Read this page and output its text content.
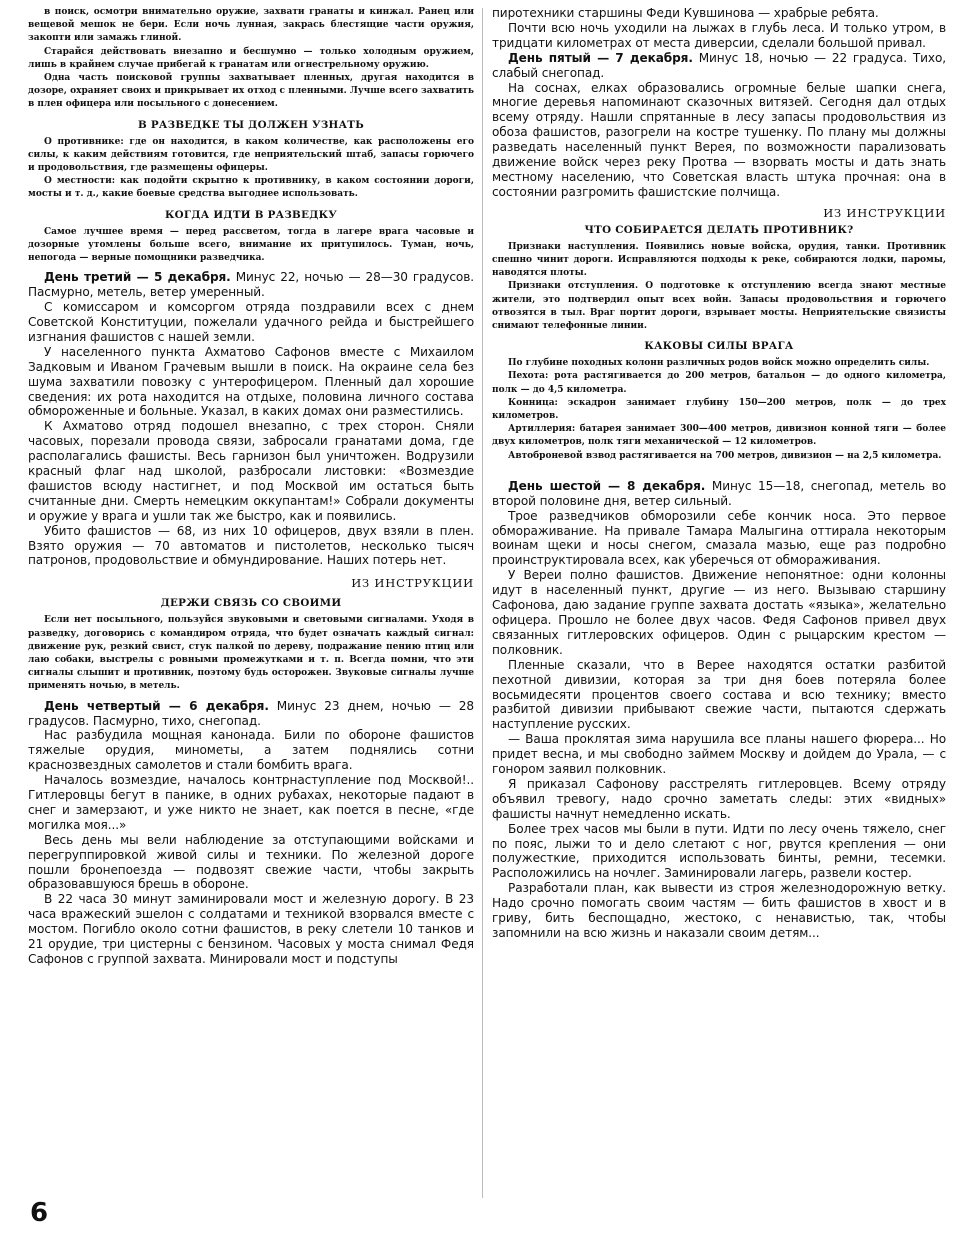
в поиск, осмотри внимательно оружие, захвати гранаты и кинжал. Ранец или вещевой мешок не бери. Если ночь лунная, закрась блестящие части оружия, закопти или замажь глиной.

Старайся действовать внезапно и бесшумно — только холодным оружием, лишь в крайнем случае прибегай к гранатам или огнестрельному оружию.

Одна часть поисковой группы захватывает пленных, другая находится в дозоре, охраняет своих и прикрывает их отход с пленными. Лучше всего захватить в плен офицера или посыльного с донесением.

В РАЗВЕДКЕ ТЫ ДОЛЖЕН УЗНАТЬ

О противнике: где он находится, в каком количестве, как расположены его силы, к каким действиям готовится, где неприятельский штаб, запасы горючего и продовольствия, где размещены офицеры.

О местности: как подойти скрытно к противнику, в каком состоянии дороги, мосты и т. д., какие боевые средства выгоднее использовать.

КОГДА ИДТИ В РАЗВЕДКУ

Самое лучшее время — перед рассветом, тогда в лагере врага часовые и дозорные утомлены больше всего, внимание их притупилось. Туман, ночь, непогода — верные помощники разведчика.

День третий — 5 декабря. Минус 22, ночью — 28—30 градусов. Пасмурно, метель, ветер умеренный.

С комиссаром и комсоргом отряда поздравили всех с днем Советской Конституции, пожелали удачного рейда и быстрейшего изгнания фашистов с нашей земли.

У населенного пункта Ахматово Сафонов вместе с Михаилом Задковым и Иваном Грачевым вышли в поиск. На окраине села без шума захватили повозку с унтерофицером. Пленный дал хорошие сведения: их рота находится на отдыхе, половина личного состава обмороженные и больные. Указал, в каких домах они разместились.

К Ахматово отряд подошел внезапно, с трех сторон. Сняли часовых, порезали провода связи, забросали гранатами дома, где располагались фашисты. Весь гарнизон был уничтожен. Водрузили красный флаг над школой, разбросали листовки: «Возмездие фашистов всюду настигнет, и под Москвой им остаться быть считанные дни. Смерть немецким оккупантам!» Собрали документы и оружие у врага и ушли так же быстро, как и появились.

Убито фашистов — 68, из них 10 офицеров, двух взяли в плен. Взято оружия — 70 автоматов и пистолетов, несколько тысяч патронов, продовольствие и обмундирование. Наших потерь нет.

ИЗ ИНСТРУКЦИИ
ДЕРЖИ СВЯЗЬ СО СВОИМИ

Если нет посыльного, пользуйся звуковыми и световыми сигналами. Уходя в разведку, договорись с командиром отряда, что будет означать каждый сигнал: движение рук, резкий свист, стук палкой по дереву, подражание пению птиц или лаю собаки, выстрелы с ровными промежутками и т. п. Всегда помни, что эти сигналы слышит и противник, поэтому будь осторожен. Звуковые сигналы лучше применять ночью, в метель.

День четвертый — 6 декабря. Минус 23 днем, ночью — 28 градусов. Пасмурно, тихо, снегопад.

Нас разбудила мощная канонада. Били по обороне фашистов тяжелые орудия, минометы, а затем поднялись сотни краснозвездных самолетов и стали бомбить врага.

Началось возмездие, началось контрнаступление под Москвой!.. Гитлеровцы бегут в панике, в одних рубахах, некоторые падают в снег и замерзают, и уже никто не знает, как поется в песне, «где могилка моя...»

Весь день мы вели наблюдение за отступающими войсками и перегруппировкой живой силы и техники. По железной дороге пошли бронепоезда — подвозят свежие части, чтобы закрыть образовавшуюся брешь в обороне.

В 22 часа 30 минут заминировали мост и железную дорогу. В 23 часа вражеский эшелон с солдатами и техникой взорвался вместе с мостом. Погибло около сотни фашистов, в реку слетели 10 танков и 21 орудие, три цистерны с бензином. Часовых у моста снимал Федя Сафонов с группой захвата. Минировали мост и подступы

пиротехники старшины Феди Кувшинова — храбрые ребята.

Почти всю ночь уходили на лыжах в глубь леса. И только утром, в тридцати километрах от места диверсии, сделали большой привал.

День пятый — 7 декабря. Минус 18, ночью — 22 градуса. Тихо, слабый снегопад.

На соснах, елках образовались огромные белые шапки снега, многие деревья напоминают сказочных витязей. Сегодня дал отдых всему отряду. Нашли спрятанные в лесу запасы продовольствия из обоза фашистов, разогрели на костре тушенку. По плану мы должны разведать населенный пункт Верея, по возможности парализовать движение войск через реку Протва — взорвать мосты и дать знать местному населению, что Советская власть штука прочная: она в состоянии разгромить фашистские полчища.

ИЗ ИНСТРУКЦИИ
ЧТО СОБИРАЕТСЯ ДЕЛАТЬ ПРОТИВНИК?

Признаки наступления. Появились новые войска, орудия, танки. Противник спешно чинит дороги. Исправляются подходы к реке, собираются лодки, паромы, наводятся плоты.

Признаки отступления. О подготовке к отступлению всегда знают местные жители, это подтвердил опыт всех войн. Запасы продовольствия и горючего отвозятся в тыл. Враг портит дороги, взрывает мосты. Неприятельские связисты снимают телефонные линии.

КАКОВЫ СИЛЫ ВРАГА

По глубине походных колонн различных родов войск можно определить силы.

Пехота: рота растягивается до 200 метров, батальон — до одного километра, полк — до 4,5 километра.

Конница: эскадрон занимает глубину 150—200 метров, полк — до трех километров.

Артиллерия: батарея занимает 300—400 метров, дивизион конной тяги — более двух километров, полк тяги механической — 12 километров.

Автоброневой взвод растягивается на 700 метров, дивизион — на 2,5 километра.

День шестой — 8 декабря. Минус 15—18, снегопад, метель во второй половине дня, ветер сильный.

Трое разведчиков обморозили себе кончик носа. Это первое обмораживание. На привале Тамара Малыгина оттирала некоторым воинам щеки и носы снегом, смазала мазью, еще раз подробно проинструктировала всех, как уберечься от обмораживания.

У Вереи полно фашистов. Движение непонятное: одни колонны идут в населенный пункт, другие — из него. Вызываю старшину Сафонова, даю задание группе захвата достать «языка», желательно офицера. Прошло не более двух часов. Федя Сафонов привел двух связанных гитлеровских офицеров. Один с рыцарским крестом — полковник.

Пленные сказали, что в Верее находятся остатки разбитой пехотной дивизии, которая за три дня боев потеряла более восьмидесяти процентов своего состава и всю технику; вместо разбитой дивизии прибывают свежие части, пытаются сдержать наступление русских.

— Ваша проклятая зима нарушила все планы нашего фюрера... Но придет весна, и мы свободно займем Москву и дойдем до Урала, — с гонором заявил полковник.

Я приказал Сафонову расстрелять гитлеровцев. Всему отряду объявил тревогу, надо срочно заметать следы: этих «видных» фашисты начнут немедленно искать.

Более трех часов мы были в пути. Идти по лесу очень тяжело, снег по пояс, лыжи то и дело слетают с ног, рвутся крепления — они полужесткие, приходится использовать бинты, ремни, тесемки. Расположились на ночлег. Заминировали лагерь, развели костер.

Разработали план, как вывести из строя железнодорожную ветку. Надо срочно помогать своим частям — бить фашистов в хвост и в гриву, бить беспощадно, жестоко, с ненавистью, так, чтобы запомнили на всю жизнь и наказали своим детям...

6
